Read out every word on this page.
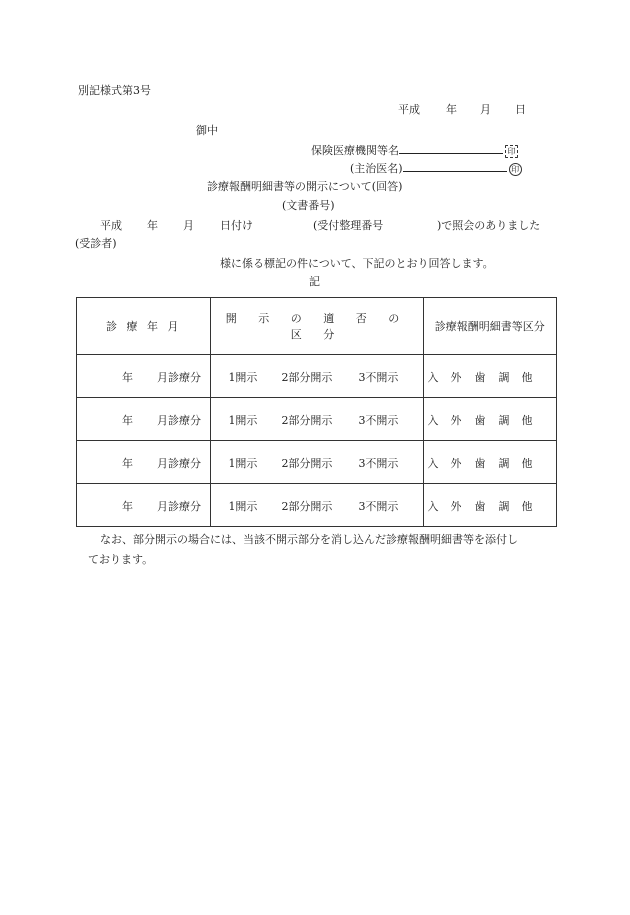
別記様式第3号
平成 年 月 日
御中
保険医療機関等名	印
(主治医名)	印
診療報酬明細書等の開示について(回答)
(文書番号)
平成 年 月 日付け	(受付整理番号	)で照会のありました
(受診者)
様に係る標記の件について、下記のとおり回答します。
記
診 療 年 月	開 示 の 適 否 の 区 分	診療報酬明細書等区分

年 月診療分	1開示 2部分開示 3不開示	入 外 歯 調 他

年 月診療分	1開示 2部分開示 3不開示	入 外 歯 調 他

年 月診療分	1開示 2部分開示 3不開示	入 外 歯 調 他

年 月診療分	1開示 2部分開示 3不開示	入 外 歯 調 他
なお、部分開示の場合には、当該不開示部分を消し込んだ診療報酬明細書等を添付し
ております。
